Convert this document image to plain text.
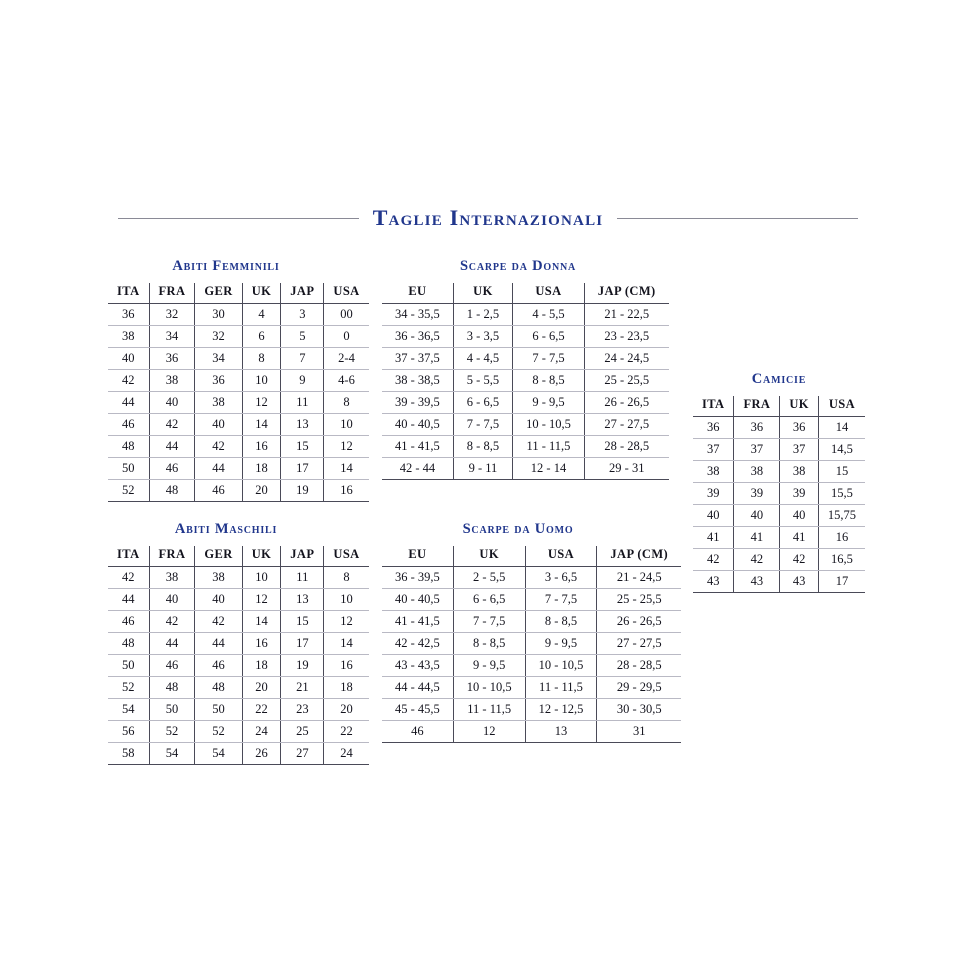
Taglie Internazionali
Abiti Femminili
ITA	FRA	GER	UK	JAP	USA
36	32	30	4	3	00
38	34	32	6	5	0
40	36	34	8	7	2-4
42	38	36	10	9	4-6
44	40	38	12	11	8
46	42	40	14	13	10
48	44	42	16	15	12
50	46	44	18	17	14
52	48	46	20	19	16
Abiti Maschili
ITA	FRA	GER	UK	JAP	USA
42	38	38	10	11	8
44	40	40	12	13	10
46	42	42	14	15	12
48	44	44	16	17	14
50	46	46	18	19	16
52	48	48	20	21	18
54	50	50	22	23	20
56	52	52	24	25	22
58	54	54	26	27	24
Scarpe da Donna
EU	UK	USA	JAP (CM)
34 - 35,5	1 - 2,5	4 - 5,5	21 - 22,5
36 - 36,5	3 - 3,5	6 - 6,5	23 - 23,5
37 - 37,5	4 - 4,5	7 - 7,5	24 - 24,5
38 - 38,5	5 - 5,5	8 - 8,5	25 - 25,5
39 - 39,5	6 - 6,5	9 - 9,5	26 - 26,5
40 - 40,5	7 - 7,5	10 - 10,5	27 - 27,5
41 - 41,5	8 - 8,5	11 - 11,5	28 - 28,5
42 - 44	9 - 11	12 - 14	29 - 31
Scarpe da Uomo
EU	UK	USA	JAP (CM)
36 - 39,5	2 - 5,5	3 - 6,5	21 - 24,5
40 - 40,5	6 - 6,5	7 - 7,5	25 - 25,5
41 - 41,5	7 - 7,5	8 - 8,5	26 - 26,5
42 - 42,5	8 - 8,5	9 - 9,5	27 - 27,5
43 - 43,5	9 - 9,5	10 - 10,5	28 - 28,5
44 - 44,5	10 - 10,5	11 - 11,5	29 - 29,5
45 - 45,5	11 - 11,5	12 - 12,5	30 - 30,5
46	12	13	31
Camicie
ITA	FRA	UK	USA
36	36	36	14
37	37	37	14,5
38	38	38	15
39	39	39	15,5
40	40	40	15,75
41	41	41	16
42	42	42	16,5
43	43	43	17
